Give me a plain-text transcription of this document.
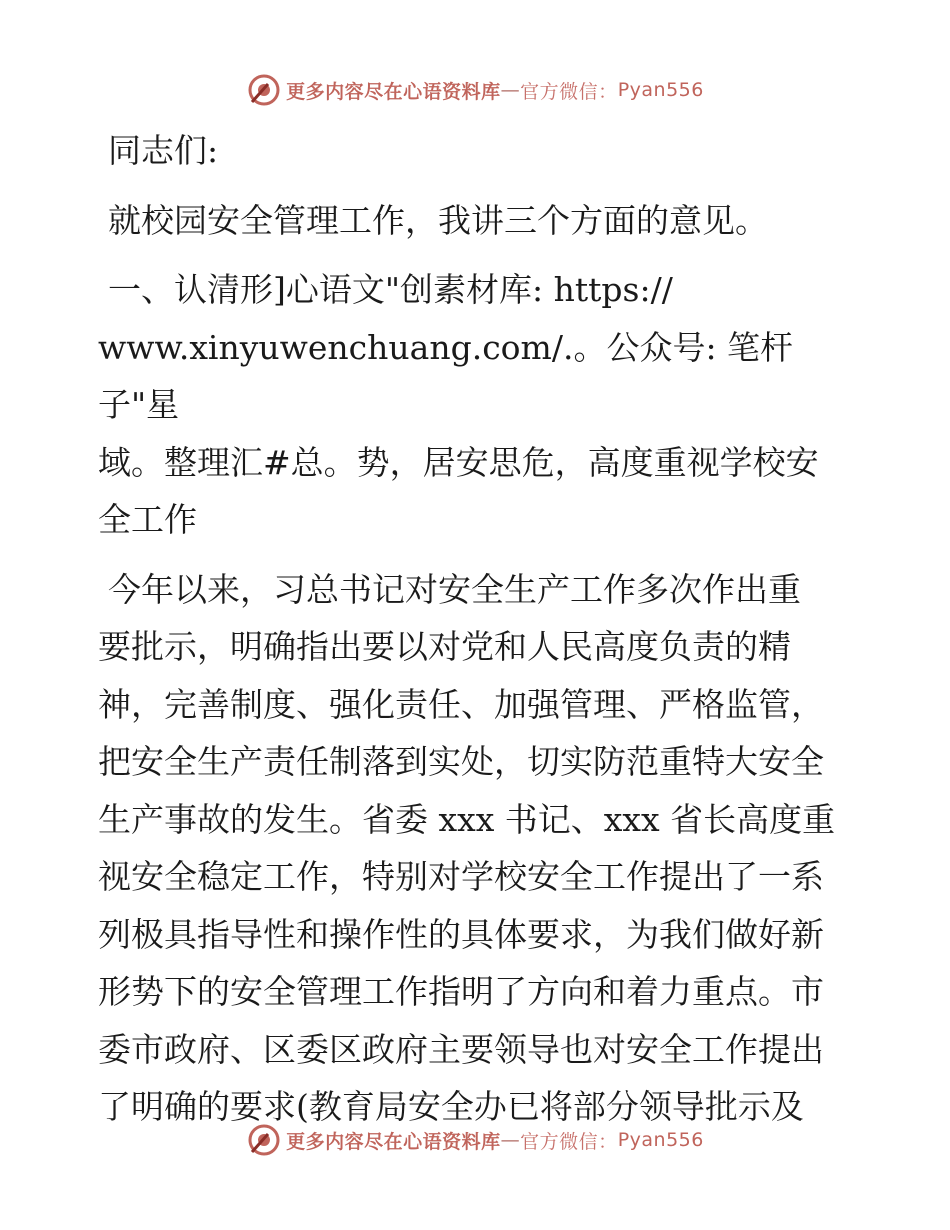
更多内容尽在心语资料库 — 官方微信： Pyan556

同志们:

就校园安全管理工作，我讲三个方面的意见。

一、认清形]心语文"创素材库: https://

www.xinyuwenchuang.com/.。公众号: 笔杆子"星

域。整理汇#总。势，居安思危，高度重视学校安

全工作

今年以来，习总书记对安全生产工作多次作出重

要批示，明确指出要以对党和人民高度负责的精

神，完善制度、强化责任、加强管理、严格监管，

把安全生产责任制落到实处，切实防范重特大安全

生产事故的发生。省委 xxx 书记、xxx 省长高度重

视安全稳定工作，特别对学校安全工作提出了一系

列极具指导性和操作性的具体要求，为我们做好新

形势下的安全管理工作指明了方向和着力重点。市

委市政府、区委区政府主要领导也对安全工作提出

了明确的要求(教育局安全办已将部分领导批示及

更多内容尽在心语资料库 — 官方微信： Pyan556
